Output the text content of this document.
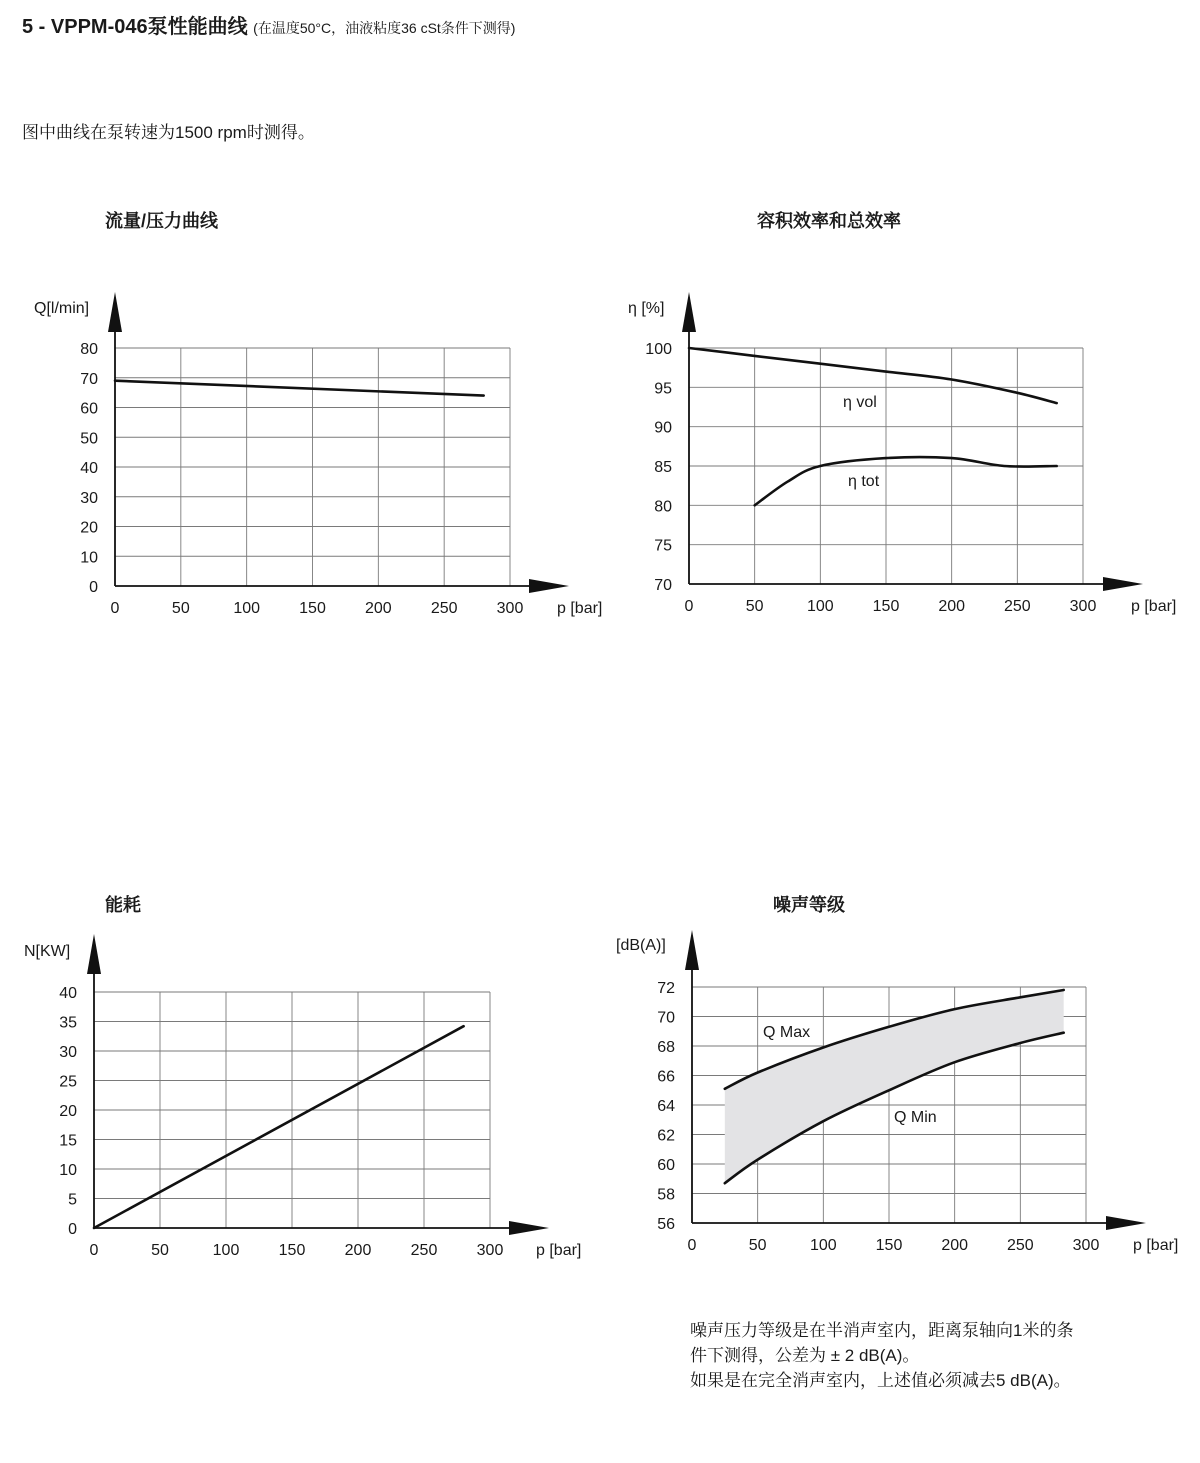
5 - VPPM-046泵性能曲线 (在温度50°C，油液粘度36 cSt条件下测得)
图中曲线在泵转速为1500 rpm时测得。
流量/压力曲线	容积效率和总效率
能耗	噪声等级
0
10
20
30
40
50
60
70
80
0	50	100 150 200 250 300
Q[l/min]
p [bar]
70
75
80
85
90
95
100
0	50	100 150 200 250 300
η [%]
p [bar]
η vol
η tot
0
5
10
15
20
25
30
35
40
0	50	100 150 200 250 300
N[KW]
p [bar]
56
58
60
62
64
66
68
70
72
0	50	100 150 200 250 300
[dB(A)]
p [bar]
Q Max
Q Min
噪声压力等级是在半消声室内，距离泵轴向1米的条
件下测得，公差为 ± 2 dB(A)。
如果是在完全消声室内，上述值必须减去5 dB(A)。
